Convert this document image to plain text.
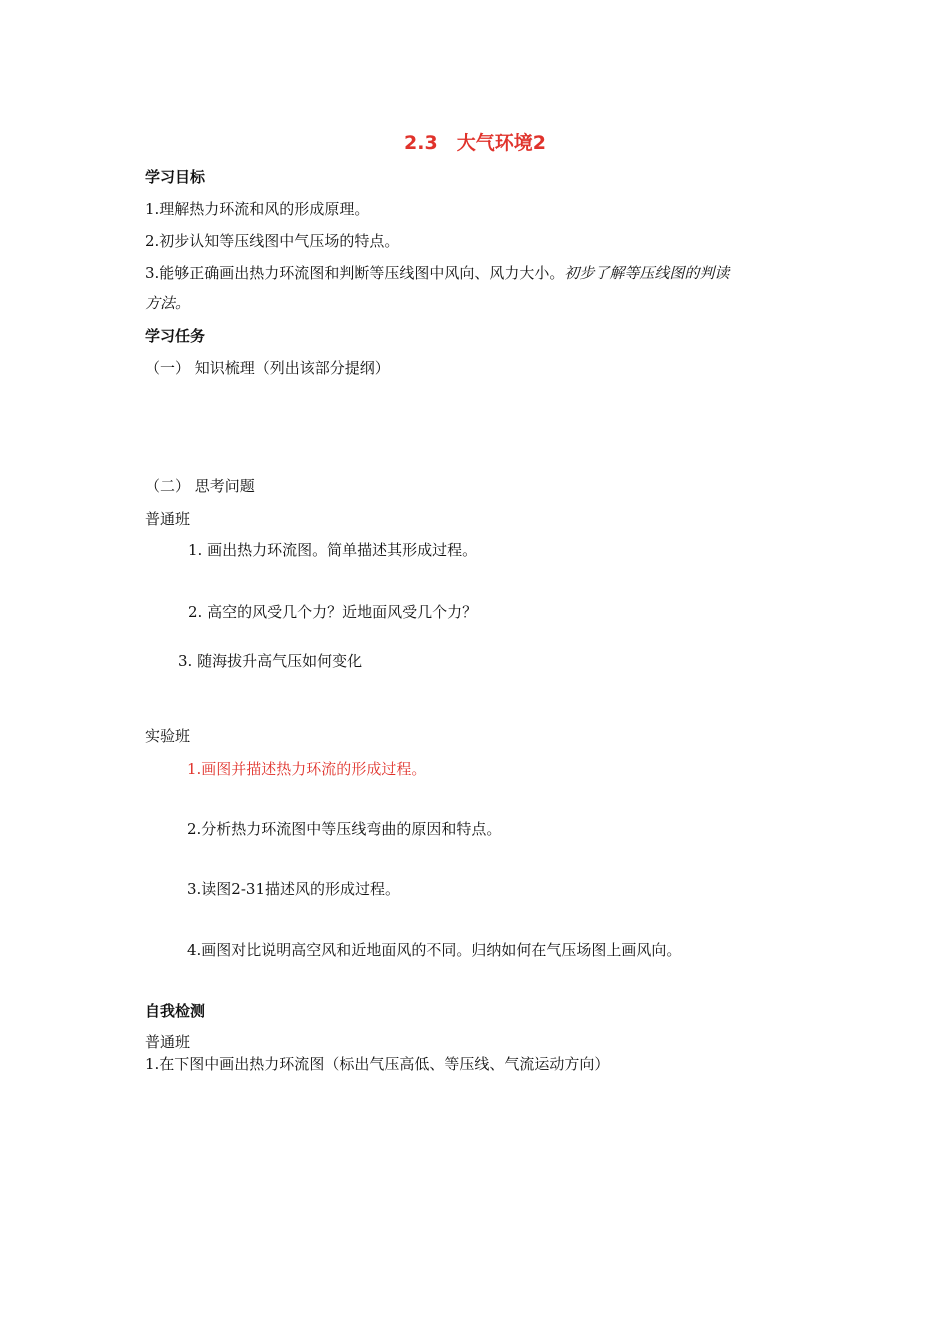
2.3　大气环境2
学习目标
1.理解热力环流和风的形成原理。
2.初步认知等压线图中气压场的特点。
3.能够正确画出热力环流图和判断等压线图中风向、风力大小。初步了解等压线图的判读
方法。
学习任务
（一） 知识梳理（列出该部分提纲）
（二） 思考问题
普通班
1. 画出热力环流图。简单描述其形成过程。
2. 高空的风受几个力？近地面风受几个力？
3. 随海拔升高气压如何变化
实验班
1.画图并描述热力环流的形成过程。
2.分析热力环流图中等压线弯曲的原因和特点。
3.读图2-31描述风的形成过程。
4.画图对比说明高空风和近地面风的不同。归纳如何在气压场图上画风向。
自我检测
普通班
1.在下图中画出热力环流图（标出气压高低、等压线、气流运动方向）
